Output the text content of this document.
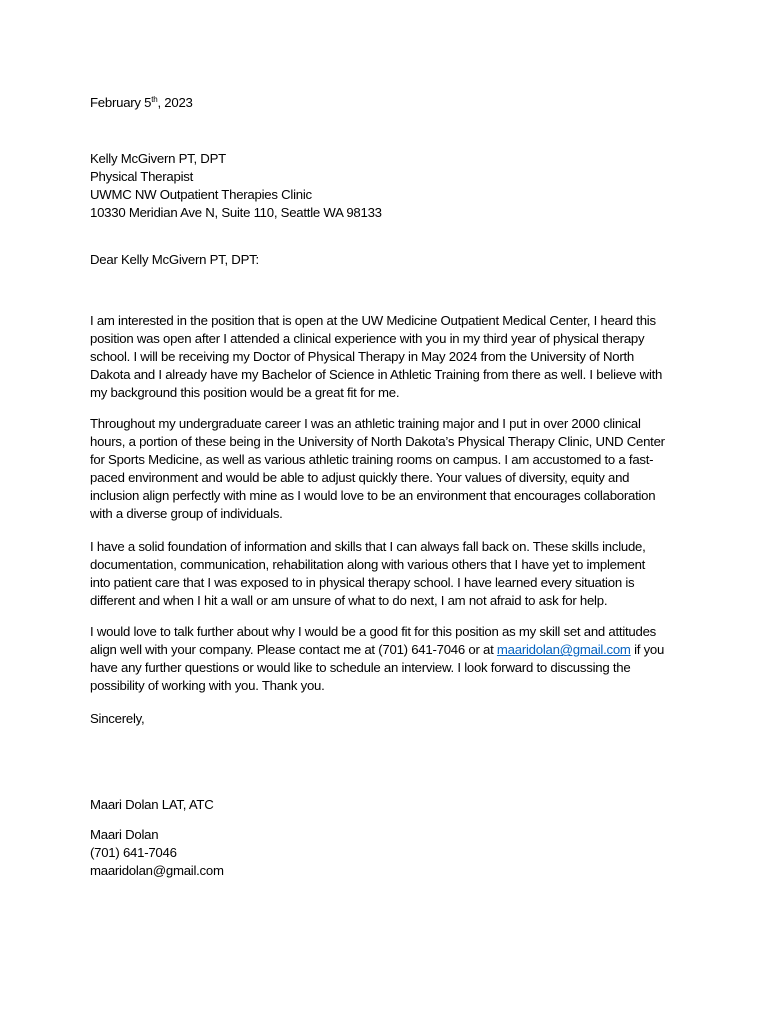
February 5th, 2023

Kelly McGivern PT, DPT

Physical Therapist

UWMC NW Outpatient Therapies Clinic

10330 Meridian Ave N, Suite 110, Seattle WA 98133

Dear Kelly McGivern PT, DPT:

I am interested in the position that is open at the UW Medicine Outpatient Medical Center, I heard this position was open after I attended a clinical experience with you in my third year of physical therapy school. I will be receiving my Doctor of Physical Therapy in May 2024 from the University of North Dakota and I already have my Bachelor of Science in Athletic Training from there as well. I believe with my background this position would be a great fit for me.

Throughout my undergraduate career I was an athletic training major and I put in over 2000 clinical hours, a portion of these being in the University of North Dakota’s Physical Therapy Clinic, UND Center for Sports Medicine, as well as various athletic training rooms on campus. I am accustomed to a fast-paced environment and would be able to adjust quickly there. Your values of diversity, equity and inclusion align perfectly with mine as I would love to be an environment that encourages collaboration with a diverse group of individuals.

I have a solid foundation of information and skills that I can always fall back on. These skills include, documentation, communication, rehabilitation along with various others that I have yet to implement into patient care that I was exposed to in physical therapy school. I have learned every situation is different and when I hit a wall or am unsure of what to do next, I am not afraid to ask for help.

I would love to talk further about why I would be a good fit for this position as my skill set and attitudes align well with your company. Please contact me at (701) 641-7046 or at maaridolan@gmail.com if you have any further questions or would like to schedule an interview. I look forward to discussing the possibility of working with you. Thank you.

Sincerely,
Maari Dolan LAT, ATC

Maari Dolan

(701) 641-7046

maaridolan@gmail.com
